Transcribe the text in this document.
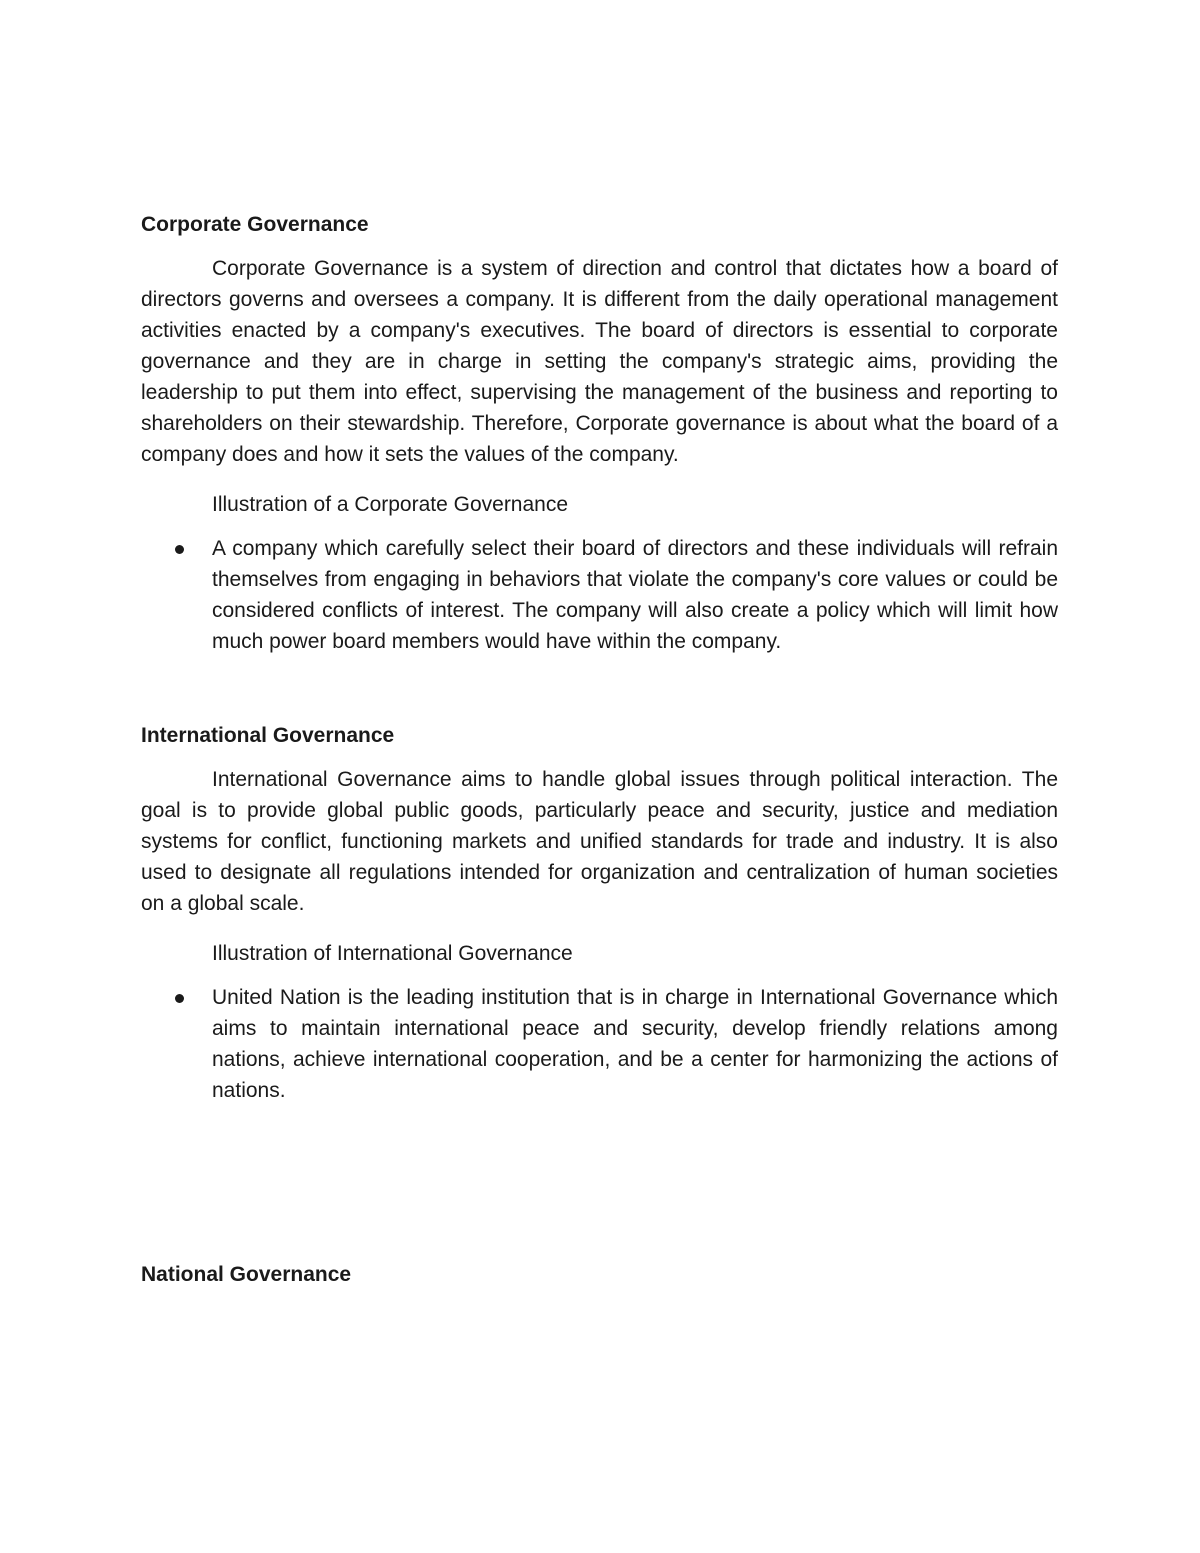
Corporate Governance

Corporate Governance is a system of direction and control that dictates how a board of directors governs and oversees a company. It is different from the daily operational management activities enacted by a company's executives. The board of directors is essential to corporate governance and they are in charge in setting the company's strategic aims, providing the leadership to put them into effect, supervising the management of the business and reporting to shareholders on their stewardship. Therefore, Corporate governance is about what the board of a company does and how it sets the values of the company.

Illustration of a Corporate Governance

A company which carefully select their board of directors and these individuals will refrain themselves from engaging in behaviors that violate the company's core values or could be considered conflicts of interest. The company will also create a policy which will limit how much power board members would have within the company.
International Governance

International Governance aims to handle global issues through political interaction. The goal is to provide global public goods, particularly peace and security, justice and mediation systems for conflict, functioning markets and unified standards for trade and industry. It is also used to designate all regulations intended for organization and centralization of human societies on a global scale.

Illustration of International Governance

United Nation is the leading institution that is in charge in International Governance which aims to maintain international peace and security, develop friendly relations among nations, achieve international cooperation, and be a center for harmonizing the actions of nations.
National Governance
